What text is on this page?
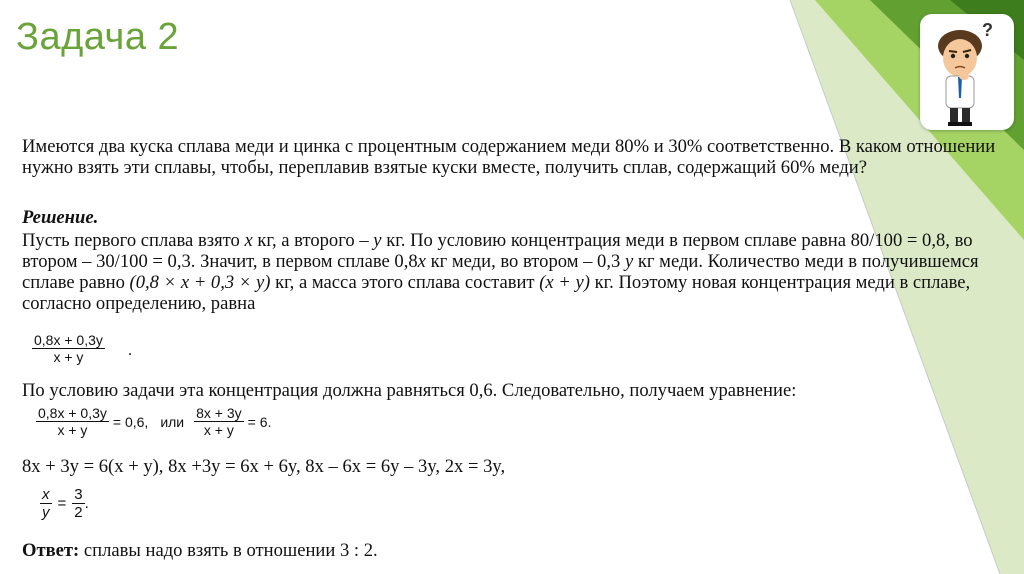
Задача 2	?
Имеются два куска сплава меди и цинка с процентным содержанием меди 80% и 30% соответственно. В каком отношении нужно взять эти сплавы, чтобы, переплавив взятые куски вместе, получить сплав, содержащий 60% меди?
Решение.
Пусть первого сплава взято x кг, а второго – y кг. По условию концентрация меди в первом сплаве равна 80/100 = 0,8, во втором – 30/100 = 0,3. Значит, в первом сплаве 0,8x кг меди, во втором – 0,3 y кг меди. Количество меди в получившемся сплаве равно (0,8 × x + 0,3 × y) кг, а масса этого сплава составит (x + y) кг. Поэтому новая концентрация меди в сплаве, согласно определению, равна
$\frac{0,8x + 0,3y}{x + y}$ .
По условию задачи эта концентрация должна равняться 0,6. Следовательно, получаем уравнение:
$\frac{0,8x + 0,3y}{x + y} = 0,6$, или $\frac{8x + 3y}{x + y} = 6$.
8x + 3y = 6(x + y), 8x +3y = 6x + 6y, 8x – 6x = 6y – 3y, 2x = 3y,
$\frac{x}{y} = \frac{3}{2}$ .
Ответ: сплавы надо взять в отношении 3 : 2.
